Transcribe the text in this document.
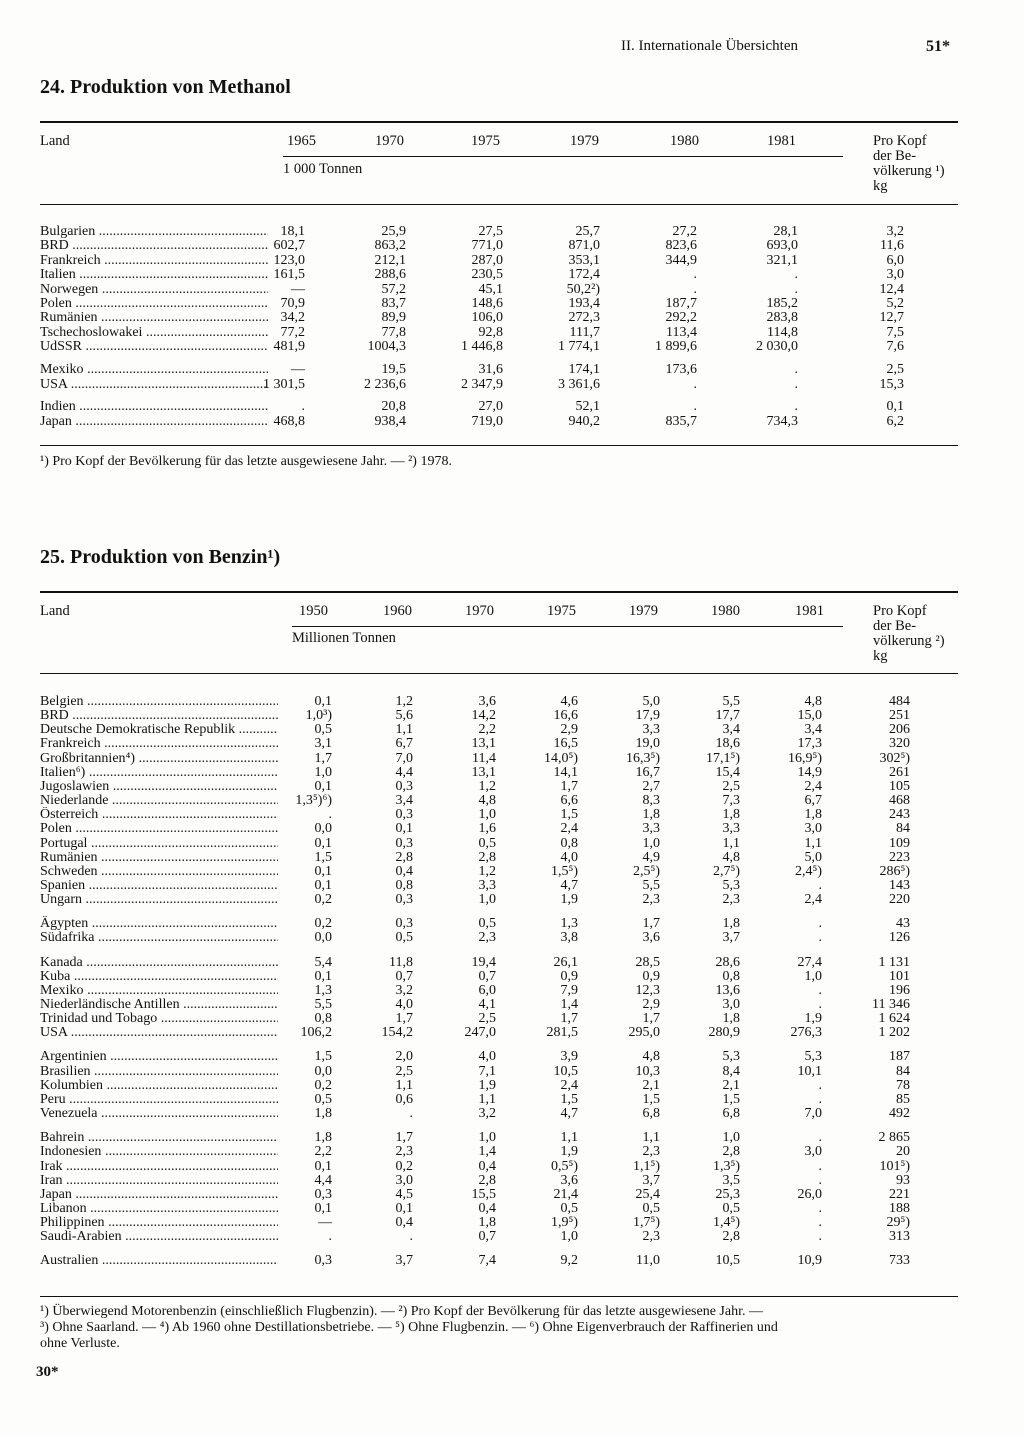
II. Internationale Übersichten	51*
24. Produktion von Methanol
Land	1965	1970	1975	1979	1980	1981
1 000 Tonnen
Pro Kopf
der Be-
völkerung ¹)
kg
Bulgarien .....	18,1	25,9	27,5	25,7	27,2	28,1	3,2
BRD .....	602,7	863,2	771,0	871,0	823,6	693,0	11,6
Frankreich .....	123,0	212,1	287,0	353,1	344,9	321,1	6,0
Italien .....	161,5	288,6	230,5	172,4	.	.	3,0
Norwegen .....	—	57,2	45,1	50,2²)	.	.	12,4
Polen .....	70,9	83,7	148,6	193,4	187,7	185,2	5,2
Rumänien .....	34,2	89,9	106,0	272,3	292,2	283,8	12,7
Tschechoslowakei .....	77,2	77,8	92,8	111,7	113,4	114,8	7,5
UdSSR .....	481,9	1004,3	1 446,8	1 774,1	1 899,6	2 030,0	7,6
Mexiko .....	—	19,5	31,6	174,1	173,6	.	2,5
USA .....	1 301,5	2 236,6	2 347,9	3 361,6	.	.	15,3
Indien .....	.	20,8	27,0	52,1	.	.	0,1
Japan .....	468,8	938,4	719,0	940,2	835,7	734,3	6,2
¹) Pro Kopf der Bevölkerung für das letzte ausgewiesene Jahr. — ²) 1978.
25. Produktion von Benzin¹)
Land	1950	1960	1970	1975	1979	1980	1981
Millionen Tonnen
Pro Kopf
der Be-
völkerung ²)
kg
Belgien .....	0,1	1,2	3,6	4,6	5,0	5,5	4,8	484
BRD .....	1,0³)	5,6	14,2	16,6	17,9	17,7	15,0	251
Deutsche Demokratische Republik .....	0,5	1,1	2,2	2,9	3,3	3,4	3,4	206
Frankreich .....	3,1	6,7	13,1	16,5	19,0	18,6	17,3	320
Großbritannien⁴) .....	1,7	7,0	11,4	14,0⁵)	16,3⁵)	17,1⁵)	16,9⁵)	302⁵)
Italien⁶) .....	1,0	4,4	13,1	14,1	16,7	15,4	14,9	261
Jugoslawien .....	0,1	0,3	1,2	1,7	2,7	2,5	2,4	105
Niederlande .....	1,3⁵)⁶)	3,4	4,8	6,6	8,3	7,3	6,7	468
Österreich .....	.	0,3	1,0	1,5	1,8	1,8	1,8	243
Polen .....	0,0	0,1	1,6	2,4	3,3	3,3	3,0	84
Portugal .....	0,1	0,3	0,5	0,8	1,0	1,1	1,1	109
Rumänien .....	1,5	2,8	2,8	4,0	4,9	4,8	5,0	223
Schweden .....	0,1	0,4	1,2	1,5⁵)	2,5⁵)	2,7⁵)	2,4⁵)	286⁵)
Spanien .....	0,1	0,8	3,3	4,7	5,5	5,3	.	143
Ungarn .....	0,2	0,3	1,0	1,9	2,3	2,3	2,4	220
Ägypten .....	0,2	0,3	0,5	1,3	1,7	1,8	.	43
Südafrika .....	0,0	0,5	2,3	3,8	3,6	3,7	.	126
Kanada .....	5,4	11,8	19,4	26,1	28,5	28,6	27,4	1 131
Kuba .....	0,1	0,7	0,7	0,9	0,9	0,8	1,0	101
Mexiko .....	1,3	3,2	6,0	7,9	12,3	13,6	.	196
Niederländische Antillen .....	5,5	4,0	4,1	1,4	2,9	3,0	.	11 346
Trinidad und Tobago .....	0,8	1,7	2,5	1,7	1,7	1,8	1,9	1 624
USA .....	106,2	154,2	247,0	281,5	295,0	280,9	276,3	1 202
Argentinien .....	1,5	2,0	4,0	3,9	4,8	5,3	5,3	187
Brasilien .....	0,0	2,5	7,1	10,5	10,3	8,4	10,1	84
Kolumbien .....	0,2	1,1	1,9	2,4	2,1	2,1	.	78
Peru .....	0,5	0,6	1,1	1,5	1,5	1,5	.	85
Venezuela .....	1,8	.	3,2	4,7	6,8	6,8	7,0	492
Bahrein .....	1,8	1,7	1,0	1,1	1,1	1,0	.	2 865
Indonesien .....	2,2	2,3	1,4	1,9	2,3	2,8	3,0	20
Irak .....	0,1	0,2	0,4	0,5⁵)	1,1⁵)	1,3⁵)	.	101⁵)
Iran .....	4,4	3,0	2,8	3,6	3,7	3,5	.	93
Japan .....	0,3	4,5	15,5	21,4	25,4	25,3	26,0	221
Libanon .....	0,1	0,1	0,4	0,5	0,5	0,5	.	188
Philippinen .....	—	0,4	1,8	1,9⁵)	1,7⁵)	1,4⁵)	.	29⁵)
Saudi-Arabien .....	.	.	0,7	1,0	2,3	2,8	.	313
Australien .....	0,3	3,7	7,4	9,2	11,0	10,5	10,9	733
¹) Überwiegend Motorenbenzin (einschließlich Flugbenzin). — ²) Pro Kopf der Bevölkerung für das letzte ausgewiesene Jahr. —
³) Ohne Saarland. — ⁴) Ab 1960 ohne Destillationsbetriebe. — ⁵) Ohne Flugbenzin. — ⁶) Ohne Eigenverbrauch der Raffinerien und
ohne Verluste.
30*
